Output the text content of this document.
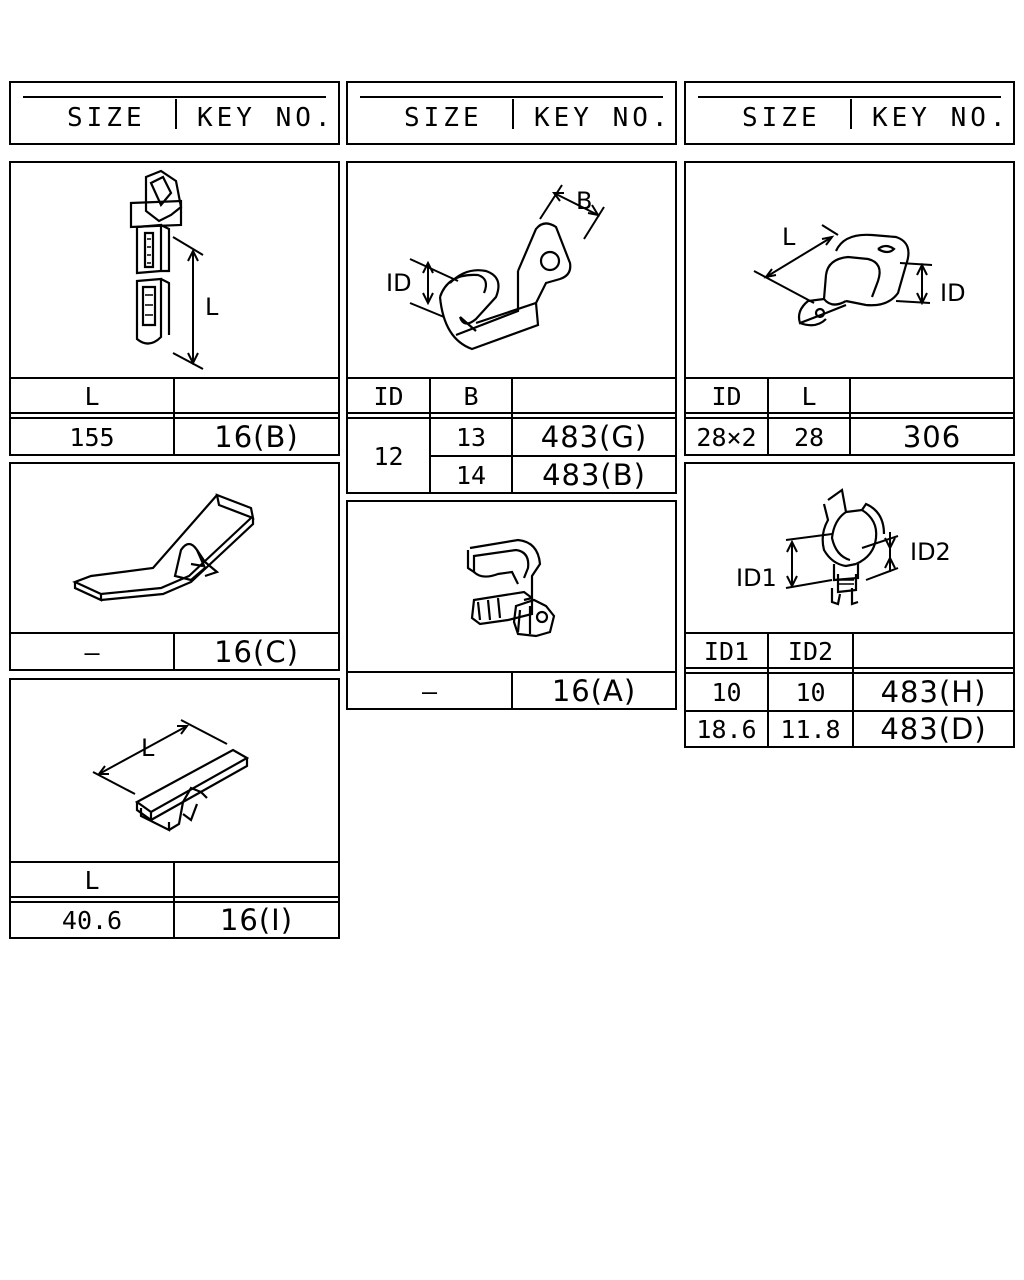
SIZE KEY NO.	SIZE KEY NO.	SIZE KEY NO.
L
L
155	16(B)
—	16(C)
L
L
40.6	16(I)
ID
B
ID	B
12
13	483(G)
14	483(B)
—	16(A)
L
ID
ID	L
28×2	28	306
ID1
ID2
ID1	ID2
10	10	483(H)
18.6 11.8	483(D)
